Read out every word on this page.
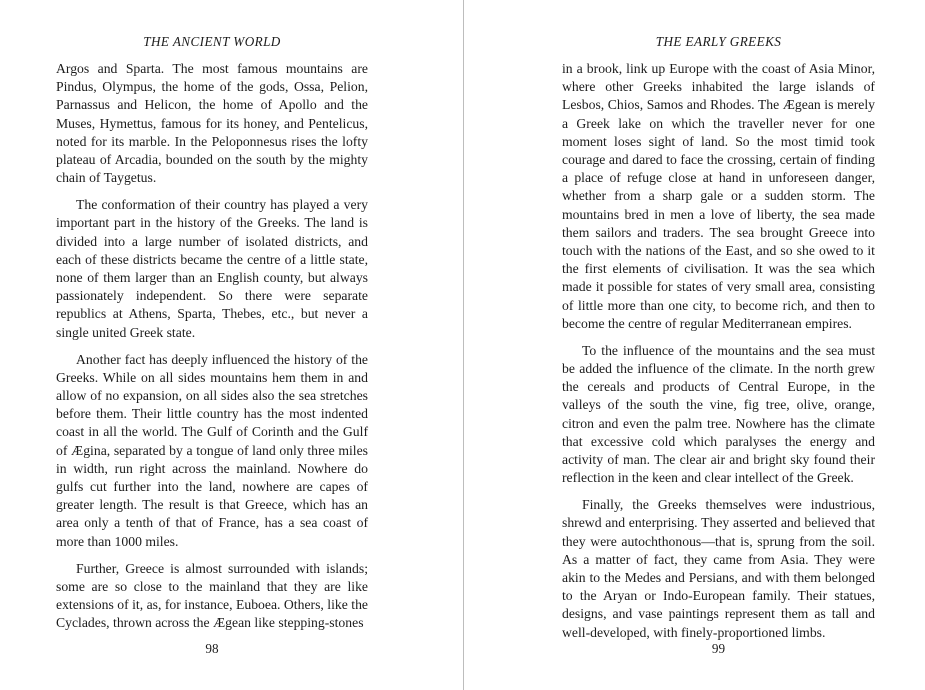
THE ANCIENT WORLD

Argos and Sparta. The most famous mountains are Pindus, Olympus, the home of the gods, Ossa, Pelion, Parnassus and Helicon, the home of Apollo and the Muses, Hymettus, famous for its honey, and Pentelicus, noted for its marble. In the Peloponnesus rises the lofty plateau of Arcadia, bounded on the south by the mighty chain of Taygetus.

The conformation of their country has played a very important part in the history of the Greeks. The land is divided into a large number of isolated districts, and each of these districts became the centre of a little state, none of them larger than an English county, but always passionately independent. So there were separate republics at Athens, Sparta, Thebes, etc., but never a single united Greek state.

Another fact has deeply influenced the history of the Greeks. While on all sides mountains hem them in and allow of no expansion, on all sides also the sea stretches before them. Their little country has the most indented coast in all the world. The Gulf of Corinth and the Gulf of Ægina, separated by a tongue of land only three miles in width, run right across the mainland. Nowhere do gulfs cut further into the land, nowhere are capes of greater length. The result is that Greece, which has an area only a tenth of that of France, has a sea coast of more than 1000 miles.

Further, Greece is almost surrounded with islands; some are so close to the mainland that they are like extensions of it, as, for instance, Euboea. Others, like the Cyclades, thrown across the Ægean like stepping-stones

98
THE EARLY GREEKS

in a brook, link up Europe with the coast of Asia Minor, where other Greeks inhabited the large islands of Lesbos, Chios, Samos and Rhodes. The Ægean is merely a Greek lake on which the traveller never for one moment loses sight of land. So the most timid took courage and dared to face the crossing, certain of finding a place of refuge close at hand in unforeseen danger, whether from a sharp gale or a sudden storm. The mountains bred in men a love of liberty, the sea made them sailors and traders. The sea brought Greece into touch with the nations of the East, and so she owed to it the first elements of civilisation. It was the sea which made it possible for states of very small area, consisting of little more than one city, to become rich, and then to become the centre of regular Mediterranean empires.

To the influence of the mountains and the sea must be added the influence of the climate. In the north grew the cereals and products of Central Europe, in the valleys of the south the vine, fig tree, olive, orange, citron and even the palm tree. Nowhere has the climate that excessive cold which paralyses the energy and activity of man. The clear air and bright sky found their reflection in the keen and clear intellect of the Greek.

Finally, the Greeks themselves were industrious, shrewd and enterprising. They asserted and believed that they were autochthonous—that is, sprung from the soil. As a matter of fact, they came from Asia. They were akin to the Medes and Persians, and with them belonged to the Aryan or Indo-European family. Their statues, designs, and vase paintings represent them as tall and well-developed, with finely-proportioned limbs.

99
